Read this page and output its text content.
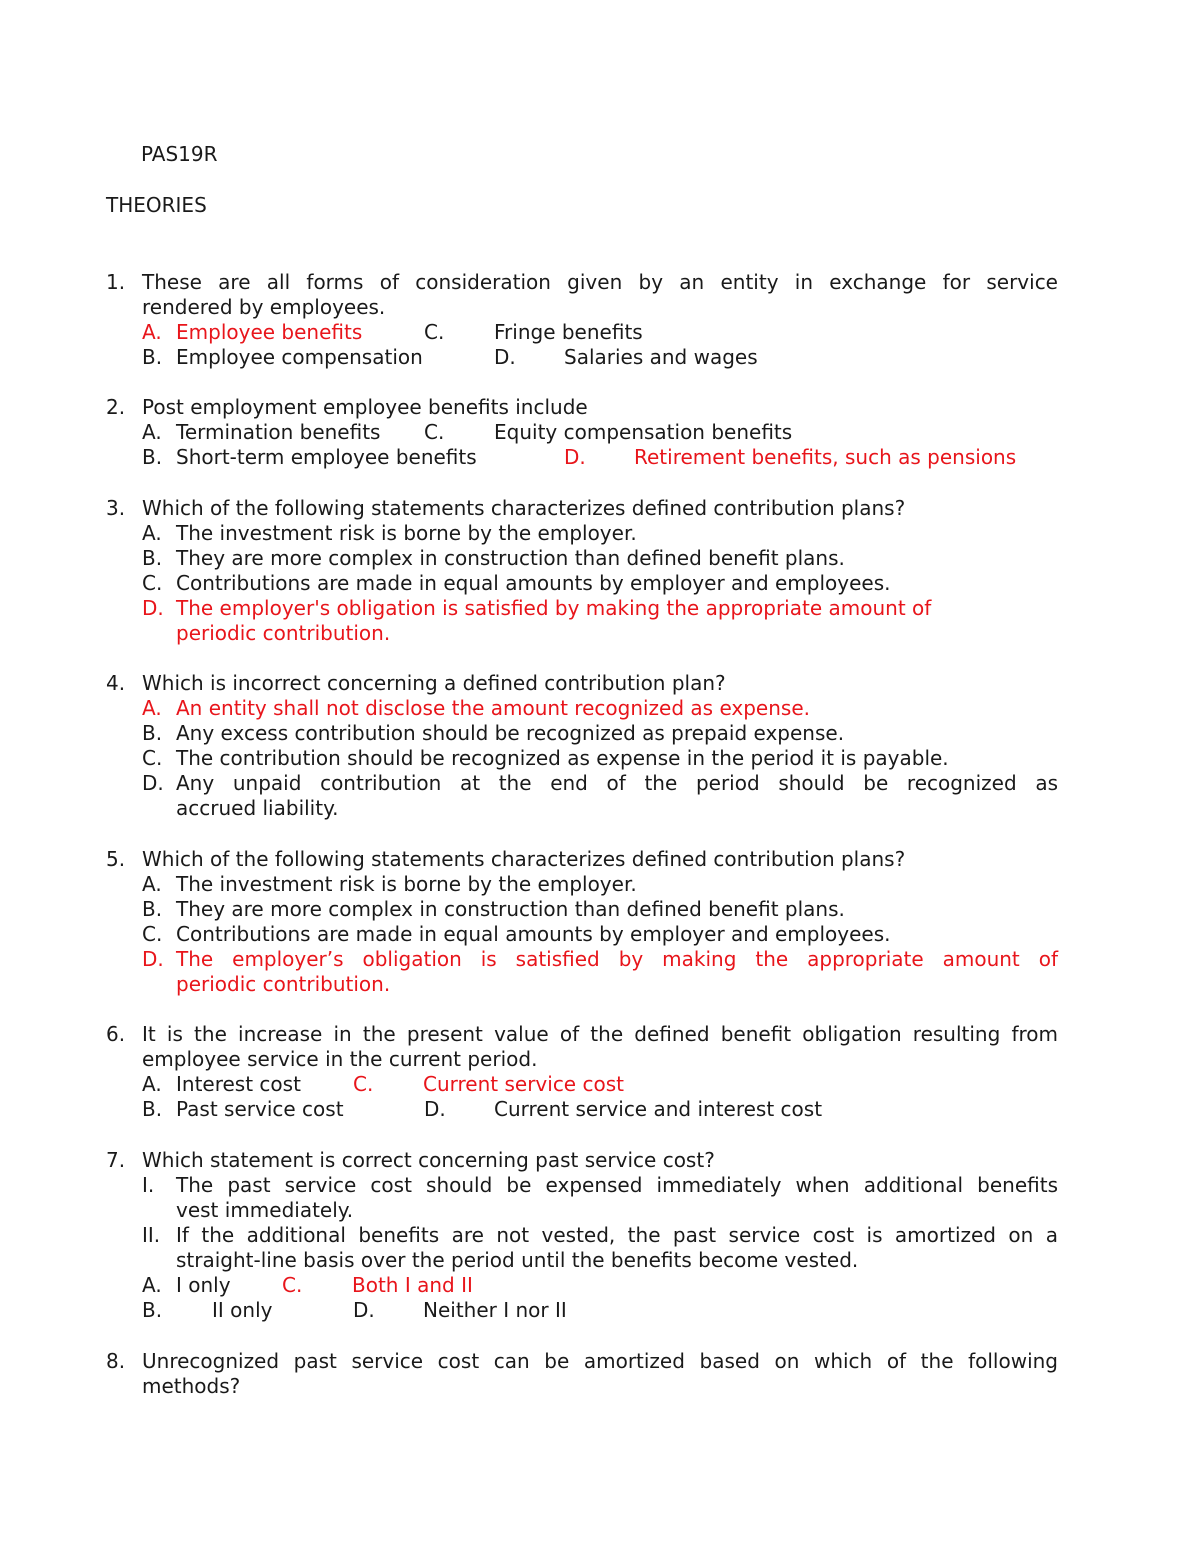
PAS19R
THEORIES
1. These are all forms of consideration given by an entity in exchange for service
rendered by employees.
A. Employee benefits	C. Fringe benefits
B. Employee compensation	D. Salaries and wages
2. Post employment employee benefits include
A. Termination benefits C. Equity compensation benefits
B. Short-term employee benefits	D. Retirement benefits, such as pensions
3. Which of the following statements characterizes defined contribution plans?
A. The investment risk is borne by the employer.
B. They are more complex in construction than defined benefit plans.
C. Contributions are made in equal amounts by employer and employees.
D. The employer's obligation is satisfied by making the appropriate amount of
periodic contribution.
4. Which is incorrect concerning a defined contribution plan?
A. An entity shall not disclose the amount recognized as expense.
B. Any excess contribution should be recognized as prepaid expense.
C. The contribution should be recognized as expense in the period it is payable.
D. Any unpaid contribution at the end of the period should be recognized as
accrued liability.
5. Which of the following statements characterizes defined contribution plans?
A. The investment risk is borne by the employer.
B. They are more complex in construction than defined benefit plans.
C. Contributions are made in equal amounts by employer and employees.
D. The employer’s obligation is satisfied by making the appropriate amount of
periodic contribution.
6. It is the increase in the present value of the defined benefit obligation resulting from
employee service in the current period.
A. Interest cost	C. Current service cost
B. Past service cost	D. Current service and interest cost
7. Which statement is correct concerning past service cost?
I. The past service cost should be expensed immediately when additional benefits
vest immediately.
II. If the additional benefits are not vested, the past service cost is amortized on a
straight-line basis over the period until the benefits become vested.
A. I only	C. Both I and II
B. II only	D. Neither I nor II
8. Unrecognized past service cost can be amortized based on which of the following
methods?
